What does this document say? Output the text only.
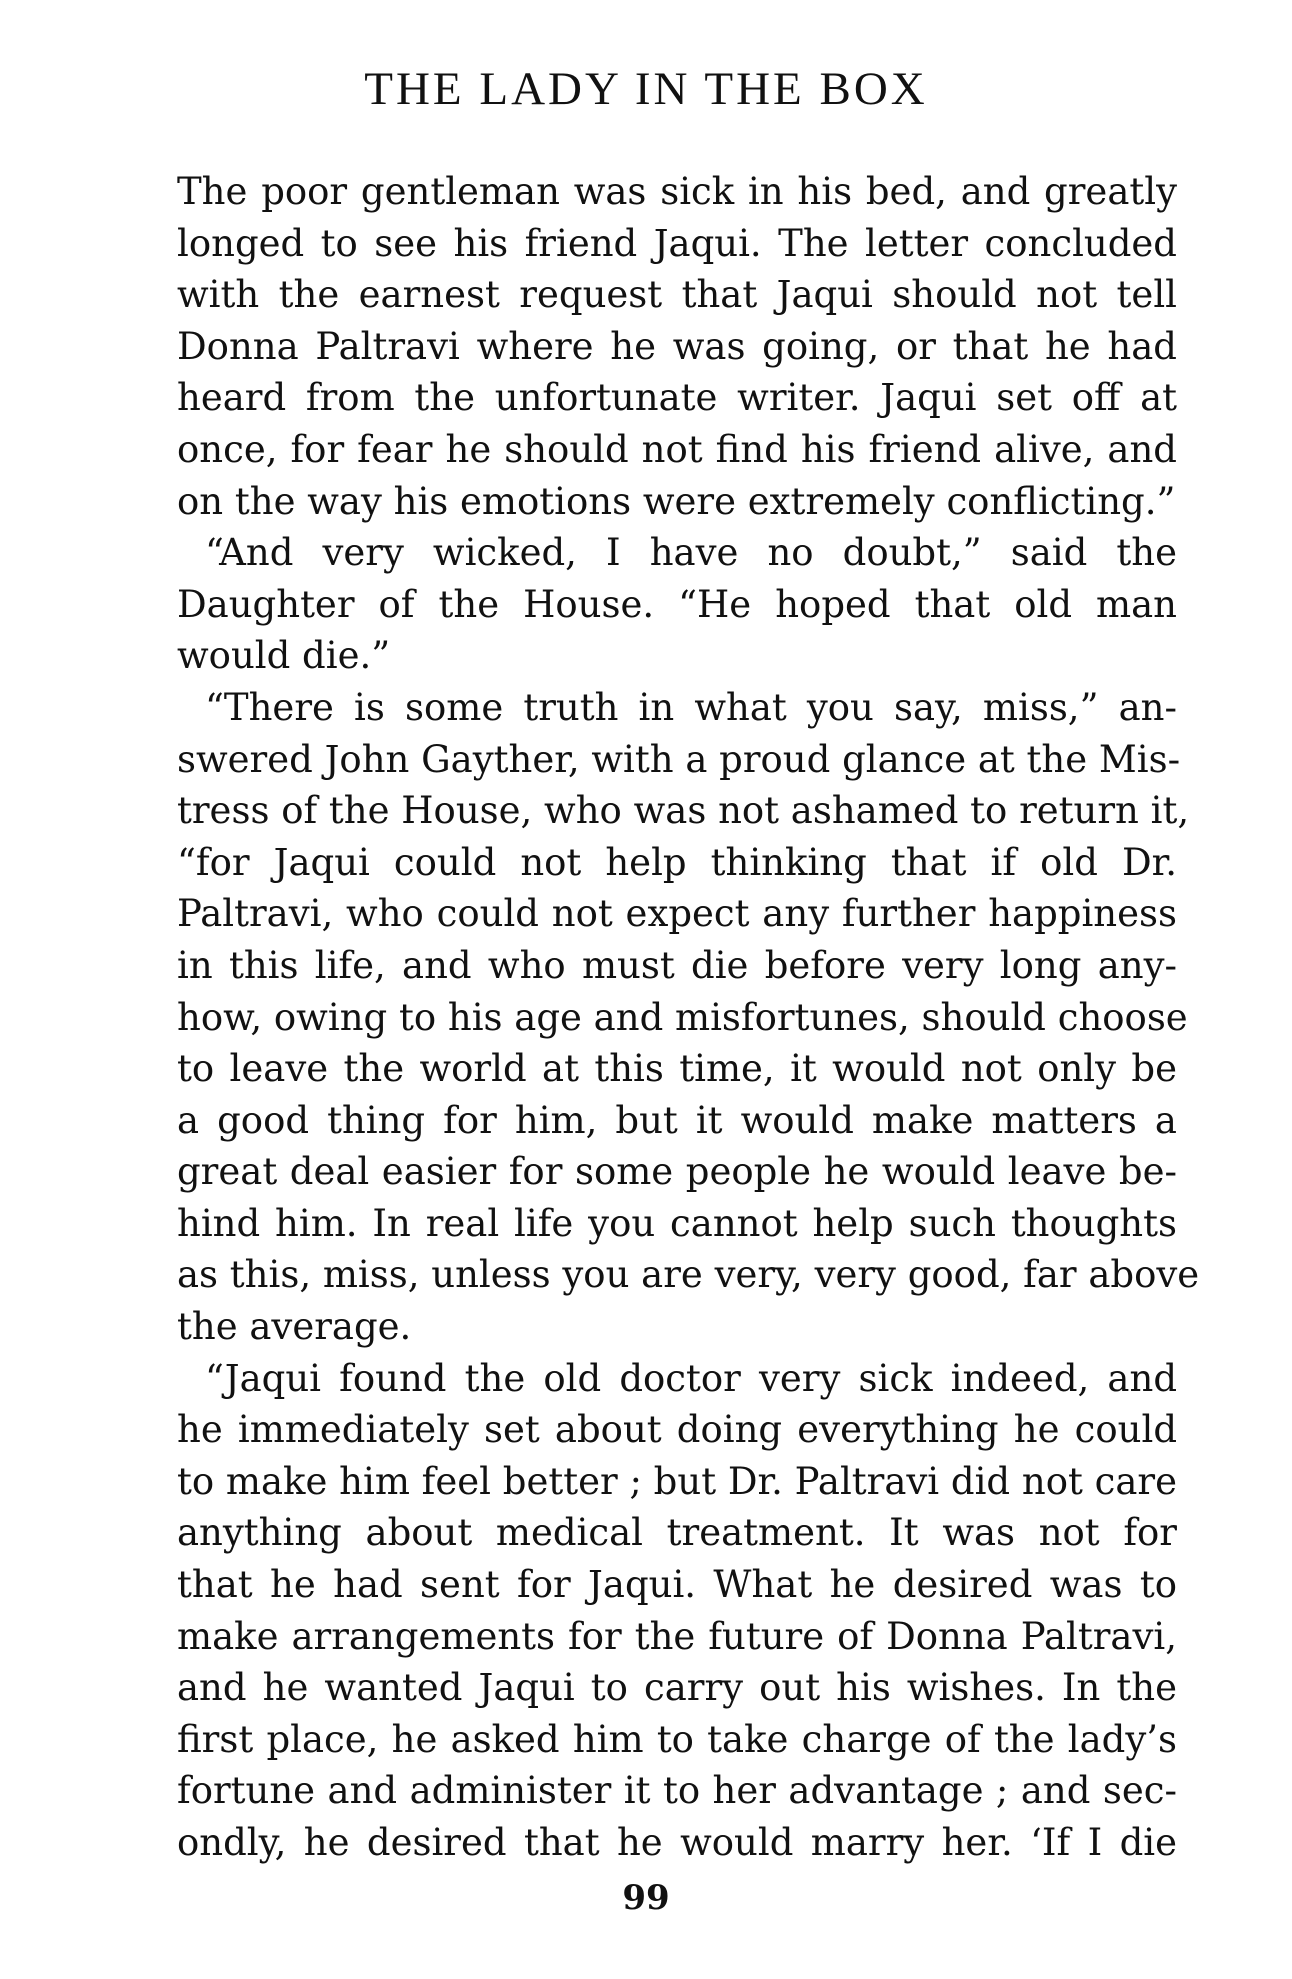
THE LADY IN THE BOX
The poor gentleman was sick in his bed, and greatly
longed to see his friend Jaqui. The letter concluded
with the earnest request that Jaqui should not tell
Donna Paltravi where he was going, or that he had
heard from the unfortunate writer. Jaqui set off at
once, for fear he should not find his friend alive, and
on the way his emotions were extremely conflicting.”
“And very wicked, I have no doubt,” said the
Daughter of the House. “He hoped that old man
would die.”
“There is some truth in what you say, miss,” an-
swered John Gayther, with a proud glance at the Mis-
tress of the House, who was not ashamed to return it,
“for Jaqui could not help thinking that if old Dr.
Paltravi, who could not expect any further happiness
in this life, and who must die before very long any-
how, owing to his age and misfortunes, should choose
to leave the world at this time, it would not only be
a good thing for him, but it would make matters a
great deal easier for some people he would leave be-
hind him. In real life you cannot help such thoughts
as this, miss, unless you are very, very good, far above
the average.
“Jaqui found the old doctor very sick indeed, and
he immediately set about doing everything he could
to make him feel better ; but Dr. Paltravi did not care
anything about medical treatment. It was not for
that he had sent for Jaqui. What he desired was to
make arrangements for the future of Donna Paltravi,
and he wanted Jaqui to carry out his wishes. In the
first place, he asked him to take charge of the lady’s
fortune and administer it to her advantage ; and sec-
ondly, he desired that he would marry her. ‘If I die
99
